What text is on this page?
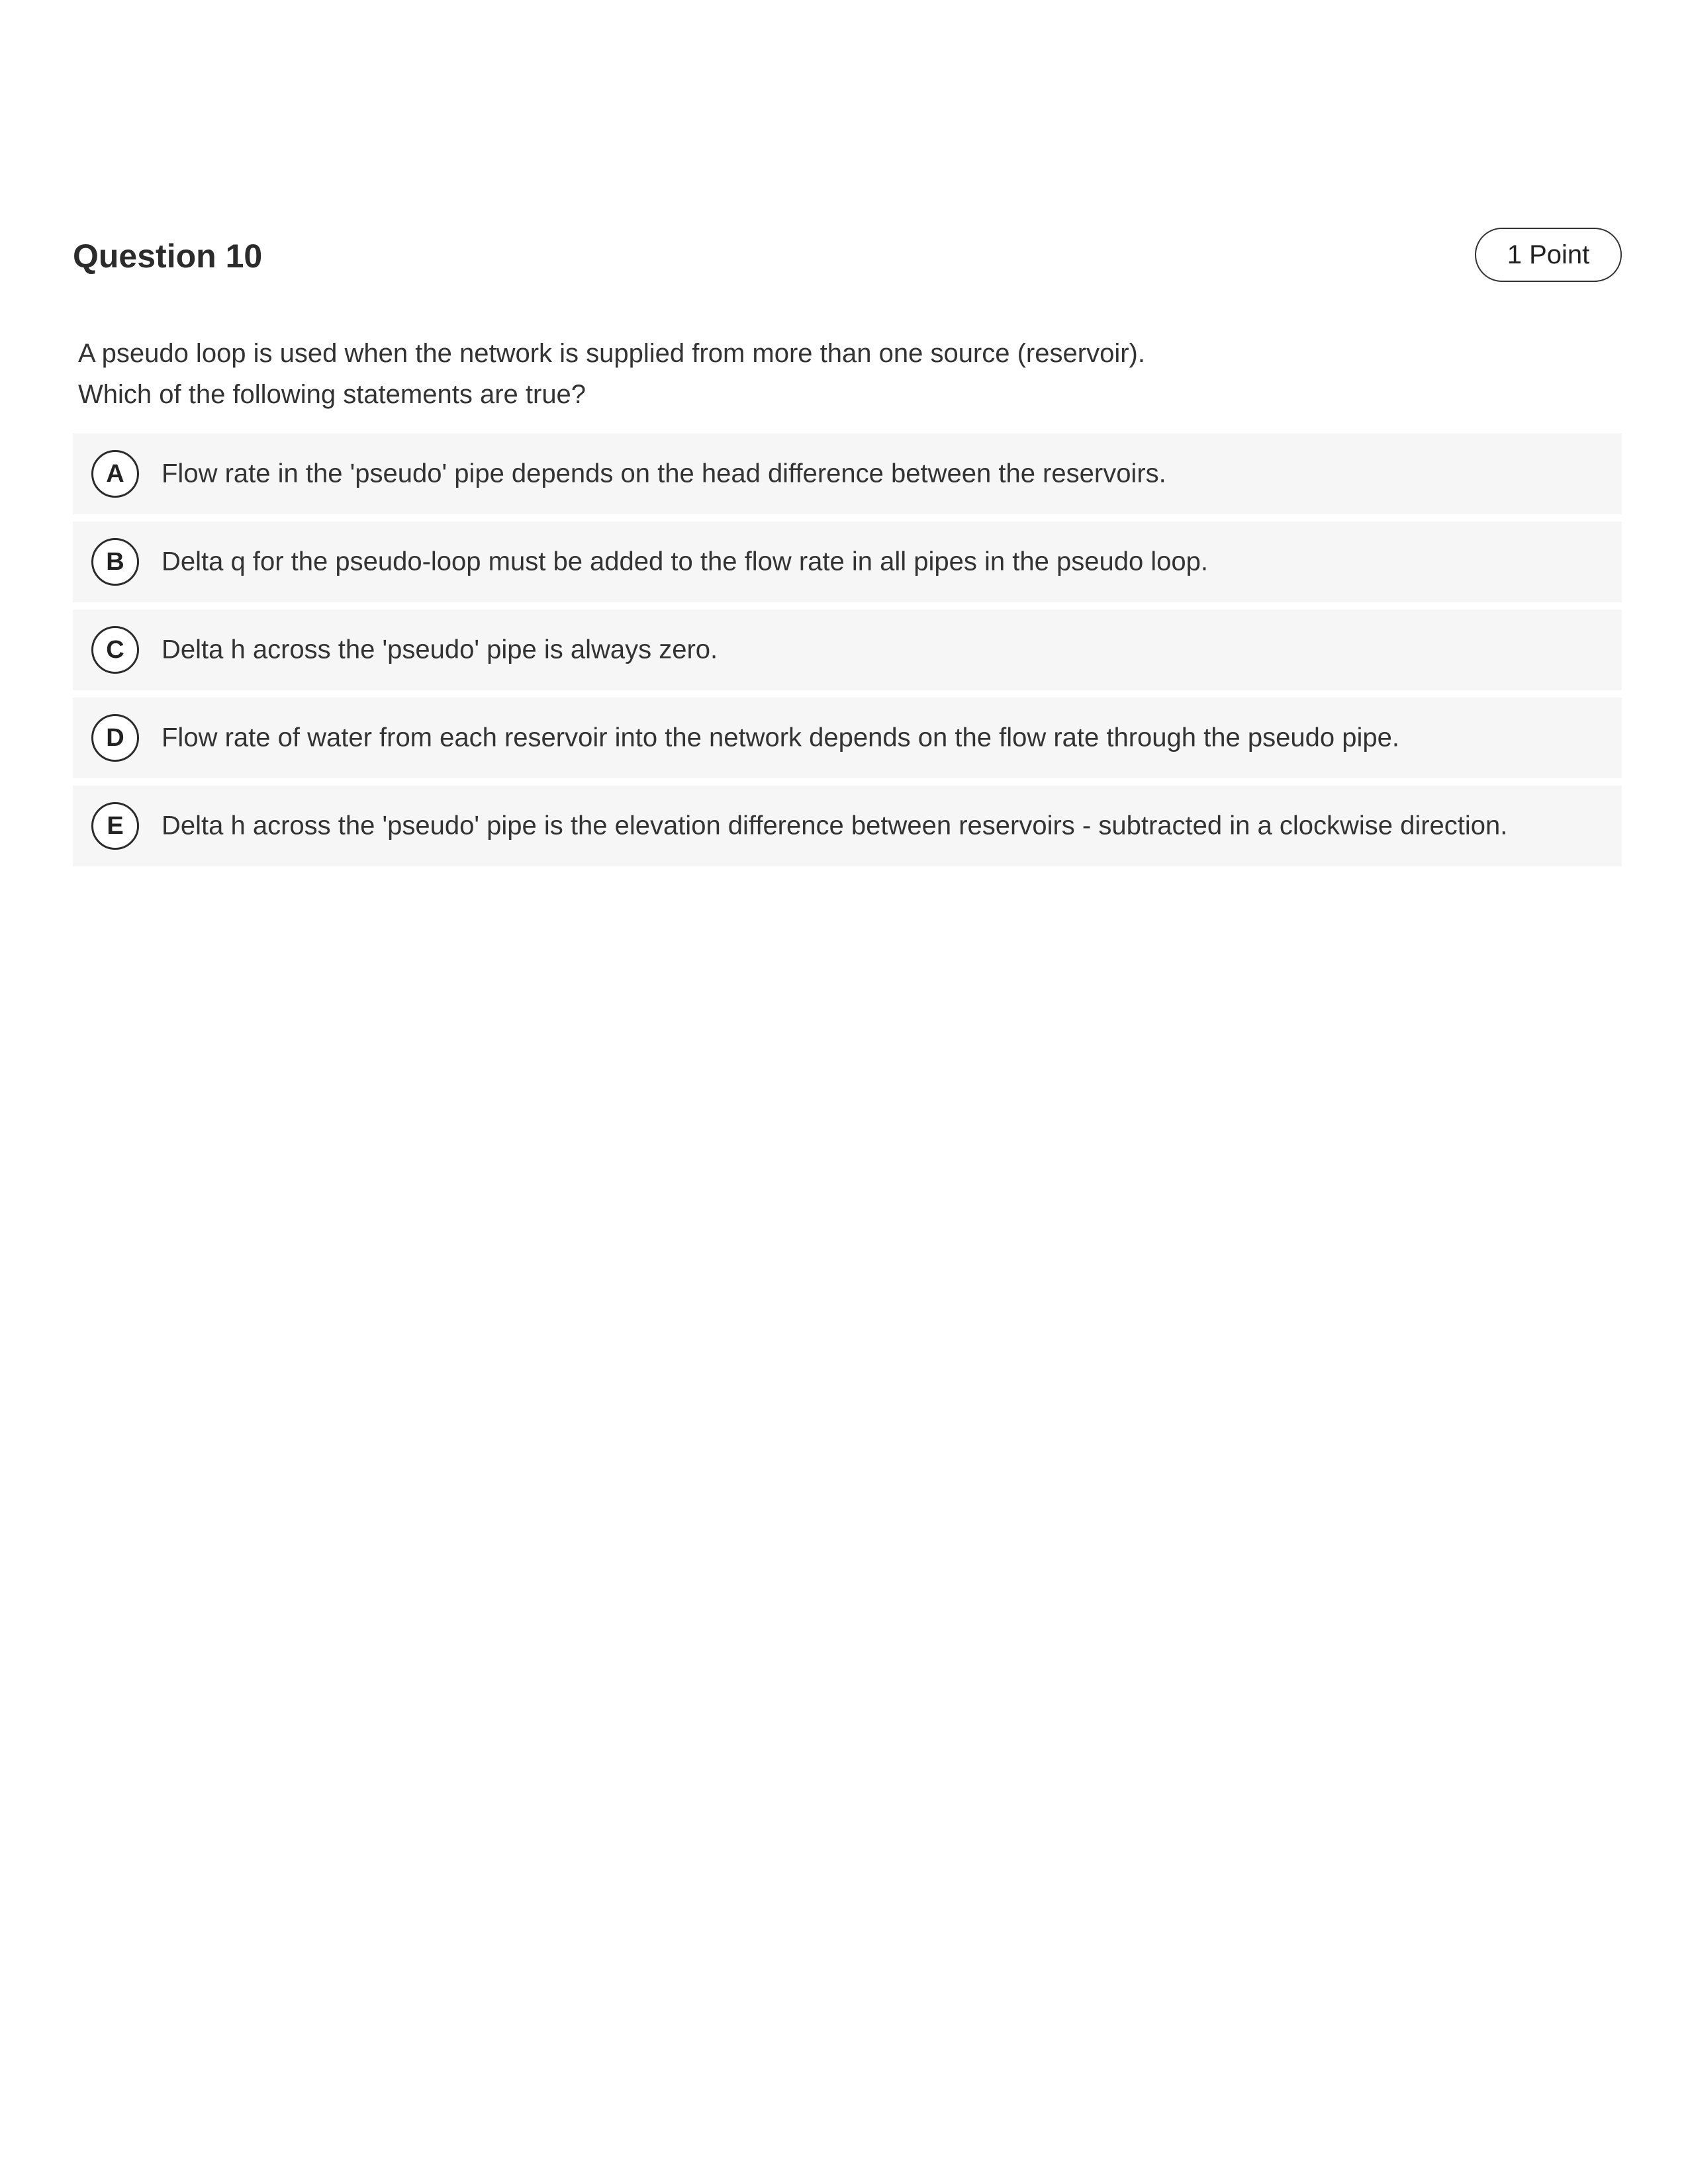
Question 10	1 Point
A pseudo loop is used when the network is supplied from more than one source (reservoir).
Which of the following statements are true?
A	Flow rate in the 'pseudo' pipe depends on the head difference between the reservoirs.
B	Delta q for the pseudo-loop must be added to the flow rate in all pipes in the pseudo loop.
C	Delta h across the 'pseudo' pipe is always zero.
D	Flow rate of water from each reservoir into the network depends on the flow rate through the pseudo pipe.
E	Delta h across the 'pseudo' pipe is the elevation difference between reservoirs - subtracted in a clockwise direction.
